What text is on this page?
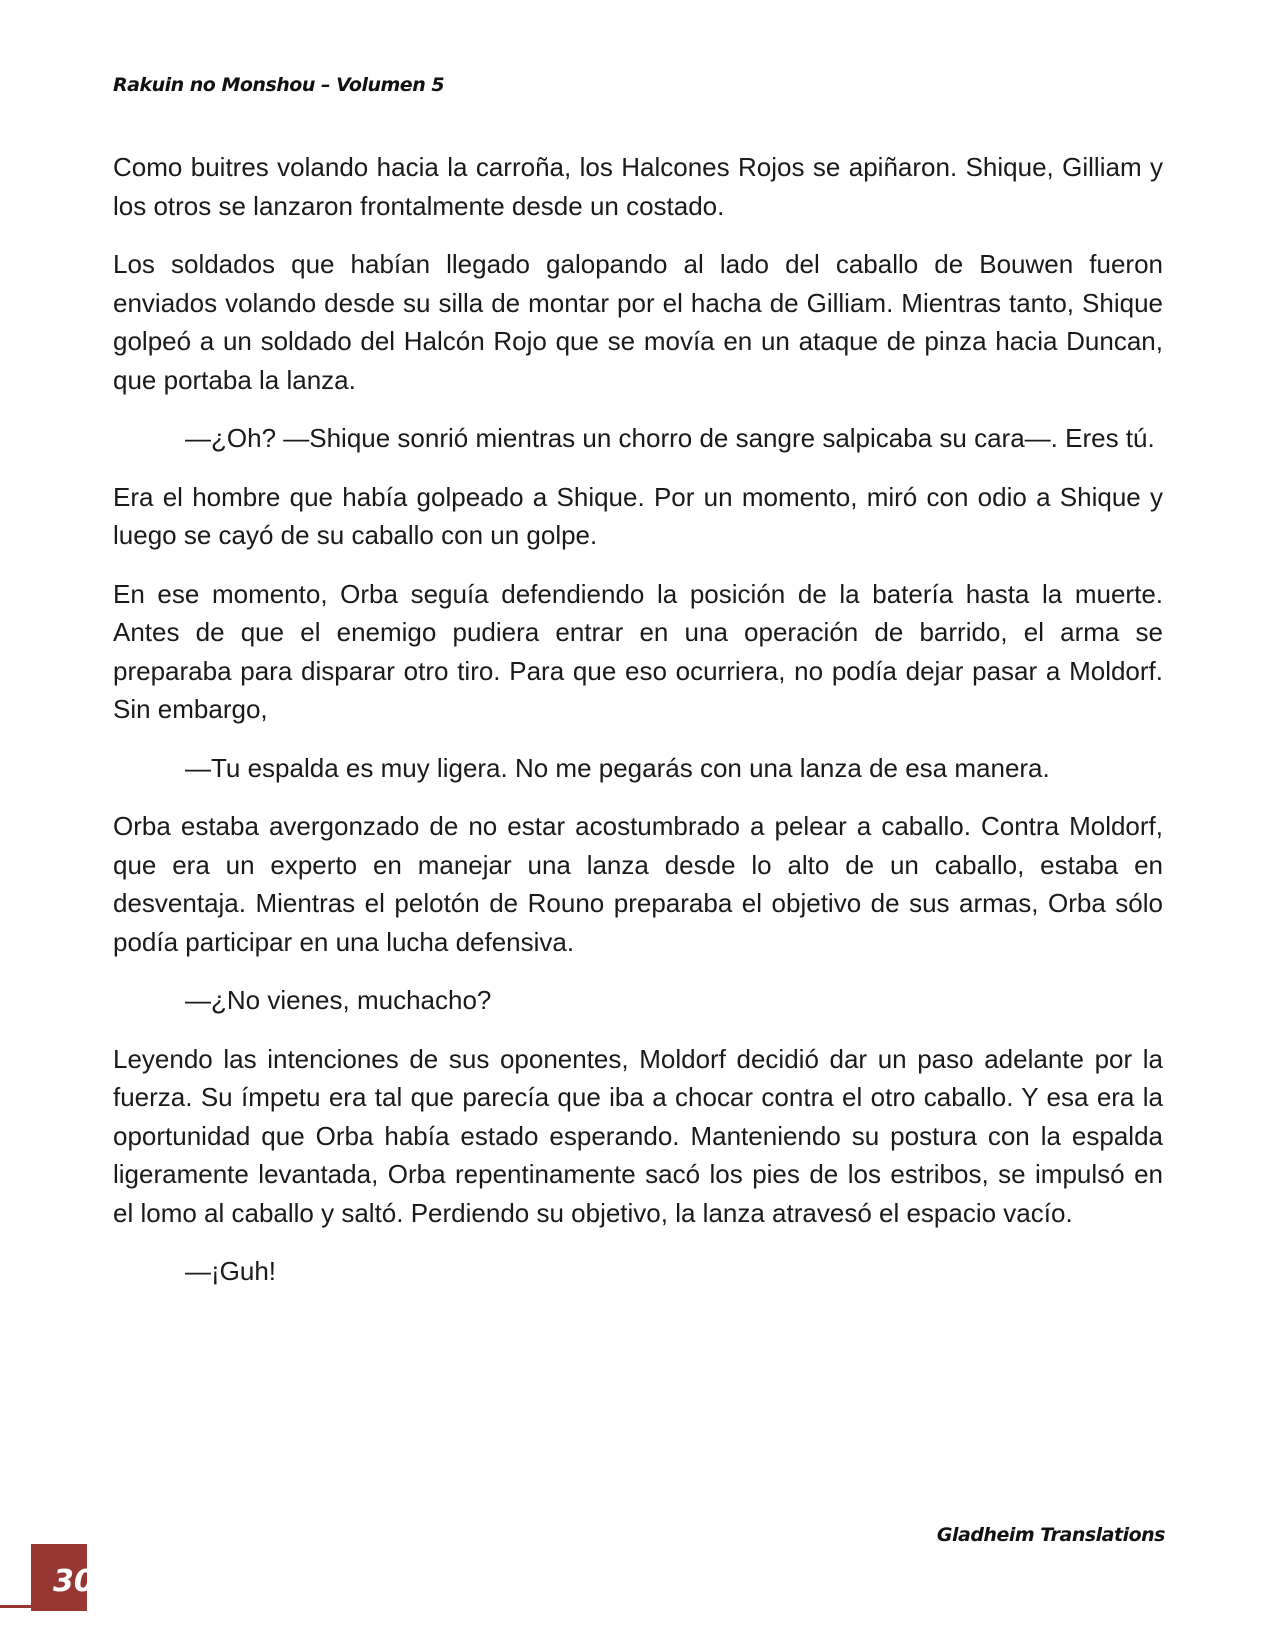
Rakuin no Monshou – Volumen 5

Como buitres volando hacia la carroña, los Halcones Rojos se apiñaron. Shique, Gilliam y los otros se lanzaron frontalmente desde un costado.

Los soldados que habían llegado galopando al lado del caballo de Bouwen fueron enviados volando desde su silla de montar por el hacha de Gilliam. Mientras tanto, Shique golpeó a un soldado del Halcón Rojo que se movía en un ataque de pinza hacia Duncan, que portaba la lanza.

—¿Oh? —Shique sonrió mientras un chorro de sangre salpicaba su cara—. Eres tú.

Era el hombre que había golpeado a Shique. Por un momento, miró con odio a Shique y luego se cayó de su caballo con un golpe.

En ese momento, Orba seguía defendiendo la posición de la batería hasta la muerte. Antes de que el enemigo pudiera entrar en una operación de barrido, el arma se preparaba para disparar otro tiro. Para que eso ocurriera, no podía dejar pasar a Moldorf. Sin embargo,

—Tu espalda es muy ligera. No me pegarás con una lanza de esa manera.

Orba estaba avergonzado de no estar acostumbrado a pelear a caballo. Contra Moldorf, que era un experto en manejar una lanza desde lo alto de un caballo, estaba en desventaja. Mientras el pelotón de Rouno preparaba el objetivo de sus armas, Orba sólo podía participar en una lucha defensiva.

—¿No vienes, muchacho?

Leyendo las intenciones de sus oponentes, Moldorf decidió dar un paso adelante por la fuerza. Su ímpetu era tal que parecía que iba a chocar contra el otro caballo. Y esa era la oportunidad que Orba había estado esperando. Manteniendo su postura con la espalda ligeramente levantada, Orba repentinamente sacó los pies de los estribos, se impulsó en el lomo al caballo y saltó. Perdiendo su objetivo, la lanza atravesó el espacio vacío.

—¡Guh!

Gladheim Translations
30
